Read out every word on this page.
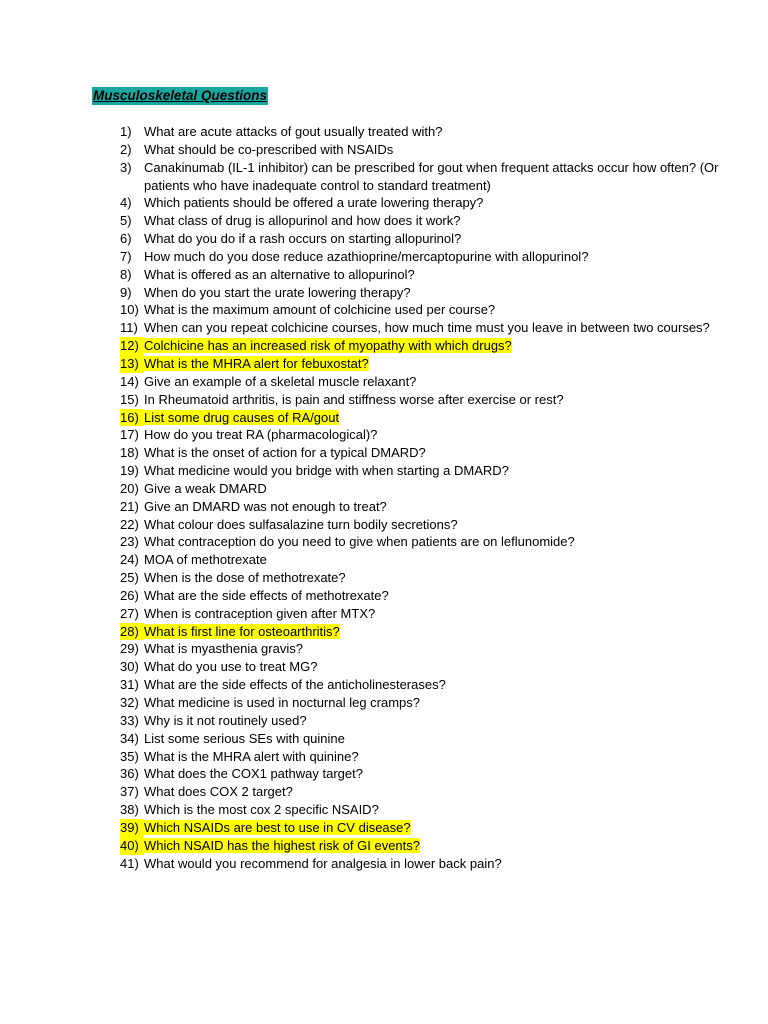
Musculoskeletal Questions
1) What are acute attacks of gout usually treated with?
2) What should be co-prescribed with NSAIDs
3) Canakinumab (IL-1 inhibitor) can be prescribed for gout when frequent attacks occur how often? (Or patients who have inadequate control to standard treatment)
4) Which patients should be offered a urate lowering therapy?
5) What class of drug is allopurinol and how does it work?
6) What do you do if a rash occurs on starting allopurinol?
7) How much do you dose reduce azathioprine/mercaptopurine with allopurinol?
8) What is offered as an alternative to allopurinol?
9) When do you start the urate lowering therapy?
10) What is the maximum amount of colchicine used per course?
11) When can you repeat colchicine courses, how much time must you leave in between two courses?
12) Colchicine has an increased risk of myopathy with which drugs?
13) What is the MHRA alert for febuxostat?
14) Give an example of a skeletal muscle relaxant?
15) In Rheumatoid arthritis, is pain and stiffness worse after exercise or rest?
16) List some drug causes of RA/gout
17) How do you treat RA (pharmacological)?
18) What is the onset of action for a typical DMARD?
19) What medicine would you bridge with when starting a DMARD?
20) Give a weak DMARD
21) Give an DMARD was not enough to treat?
22) What colour does sulfasalazine turn bodily secretions?
23) What contraception do you need to give when patients are on leflunomide?
24) MOA of methotrexate
25) When is the dose of methotrexate?
26) What are the side effects of methotrexate?
27) When is contraception given after MTX?
28) What is first line for osteoarthritis?
29) What is myasthenia gravis?
30) What do you use to treat MG?
31) What are the side effects of the anticholinesterases?
32) What medicine is used in nocturnal leg cramps?
33) Why is it not routinely used?
34) List some serious SEs with quinine
35) What is the MHRA alert with quinine?
36) What does the COX1 pathway target?
37) What does COX 2 target?
38) Which is the most cox 2 specific NSAID?
39) Which NSAIDs are best to use in CV disease?
40) Which NSAID has the highest risk of GI events?
41) What would you recommend for analgesia in lower back pain?
